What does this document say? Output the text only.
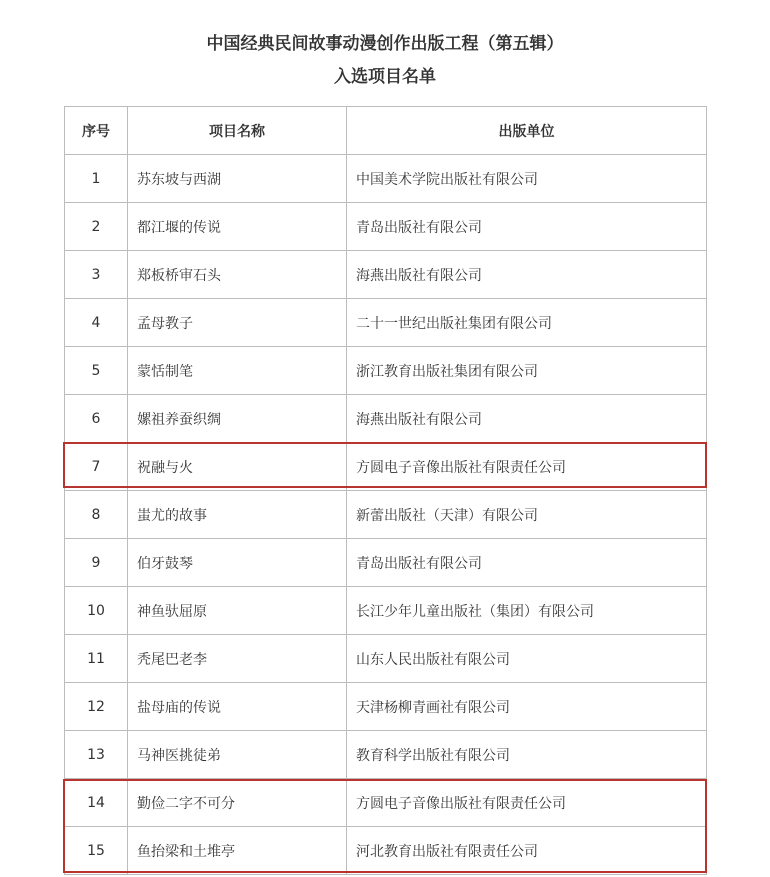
中国经典民间故事动漫创作出版工程（第五辑）
入选项目名单
序号	项目名称	出版单位
1	苏东坡与西湖	中国美术学院出版社有限公司
2	都江堰的传说	青岛出版社有限公司
3	郑板桥审石头	海燕出版社有限公司
4	孟母教子	二十一世纪出版社集团有限公司
5	蒙恬制笔	浙江教育出版社集团有限公司
6	嫘祖养蚕织绸	海燕出版社有限公司
7	祝融与火	方圆电子音像出版社有限责任公司
8	蚩尤的故事	新蕾出版社（天津）有限公司
9	伯牙鼓琴	青岛出版社有限公司
10	神鱼驮屈原	长江少年儿童出版社（集团）有限公司
11	秃尾巴老李	山东人民出版社有限公司
12	盐母庙的传说	天津杨柳青画社有限公司
13	马神医挑徒弟	教育科学出版社有限公司
14	勤俭二字不可分	方圆电子音像出版社有限责任公司
15	鱼抬梁和土堆亭	河北教育出版社有限责任公司
